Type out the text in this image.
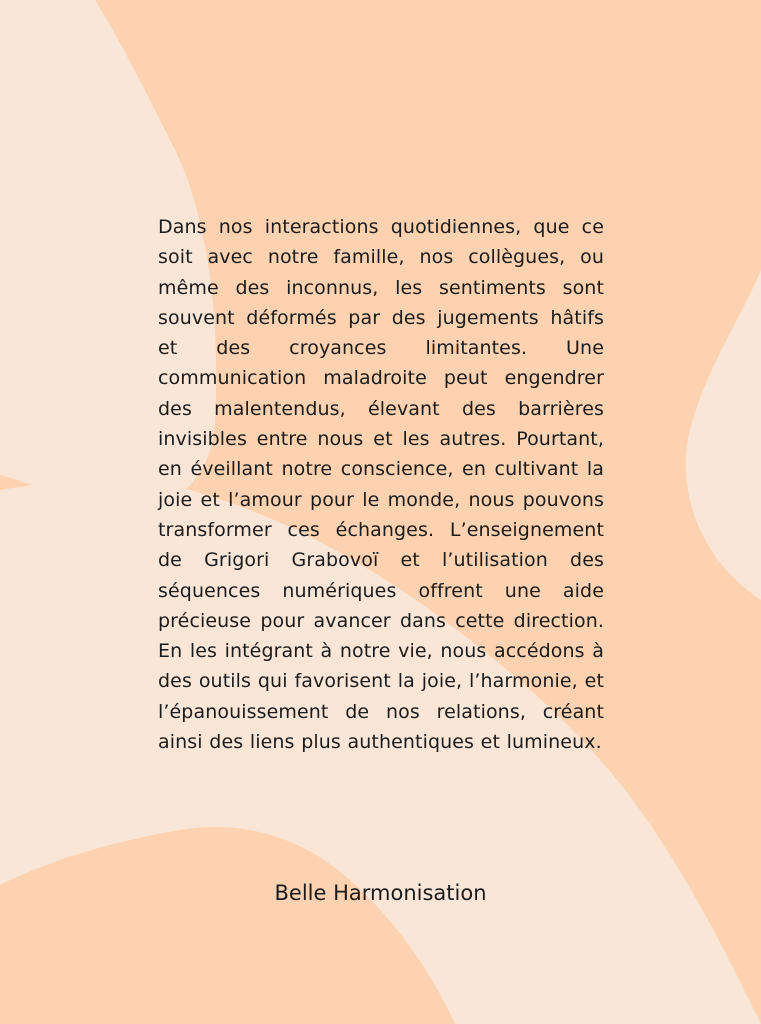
Dans nos interactions quotidiennes, que ce soit avec notre famille, nos collègues, ou même des inconnus, les sentiments sont souvent déformés par des jugements hâtifs et des croyances limitantes. Une communication maladroite peut engendrer des malentendus, élevant des barrières invisibles entre nous et les autres. Pourtant, en éveillant notre conscience, en cultivant la joie et l’amour pour le monde, nous pouvons transformer ces échanges. L’enseignement de Grigori Grabovoï et l’utilisation des séquences numériques offrent une aide précieuse pour avancer dans cette direction. En les intégrant à notre vie, nous accédons à des outils qui favorisent la joie, l’harmonie, et l’épanouissement de nos relations, créant ainsi des liens plus authentiques et lumineux.

Belle Harmonisation
